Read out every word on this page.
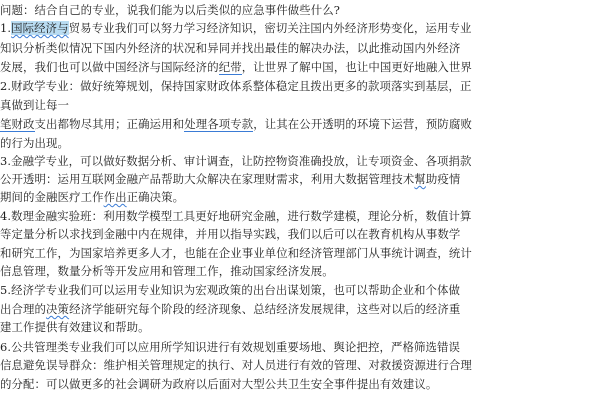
问题：结合自己的专业，说我们能为以后类似的应急事件做些什么?
1.国际经济与贸易专业我们可以努力学习经济知识，密切关注国内外经济形势变化，运用专业
知识分析类似情况下国内外经济的状况和异同并找出最佳的解决办法，以此推动国内外经济
发展，我们也可以做中国经济与国际经济的纪带，让世界了解中国，也让中国更好地融入世界
2.财政学专业：做好统筹规划，保持国家财政体系整体稳定且拨出更多的款项落实到基层，正
真做到让每一
笔财政支出都物尽其用；正确运用和处理各项专款，让其在公开透明的环境下运营，预防腐败
的行为出现。
3.金融学专业，可以做好数据分析、审计调查，让防控物资准确投放，让专项资金、各项捐款
公开透明：运用互联网金融产品帮助大众解决在家理财需求，利用大数据管理技术幫助疫情
期间的金融医疗工作作出正确决策。
4.数理金融实验班：利用数学模型工具更好地研究金融，进行数学建模，理论分析，数值计算
等定量分析以求找到金融中内在规律，并用以指导实践，我们以后可以在教育机构从事数学
和研究工作，为国家培养更多人才，也能在企业事业单位和经济管理部门从事统计调查，统计
信息管理，数量分析等开发应用和管理工作，推动国家经济发展。
5.经济学专业我们可以运用专业知识为宏观政策的出台出谋划策，也可以帮助企业和个体做
出合理的决策经济学能研究每个阶段的经济现象、总结经济发展规律，这些对以后的经济重
建工作提供有效建议和帮助。
6.公共管理类专业我们可以应用所学知识进行有效规划重要场地、舆论把控，严格筛选错误
信息避免误导群众：维护相关管理规定的执行、对人员进行有效的管理、对救援资源进行合理
的分配：可以做更多的社会调研为政府以后面对大型公共卫生安全事件提出有效建议。
